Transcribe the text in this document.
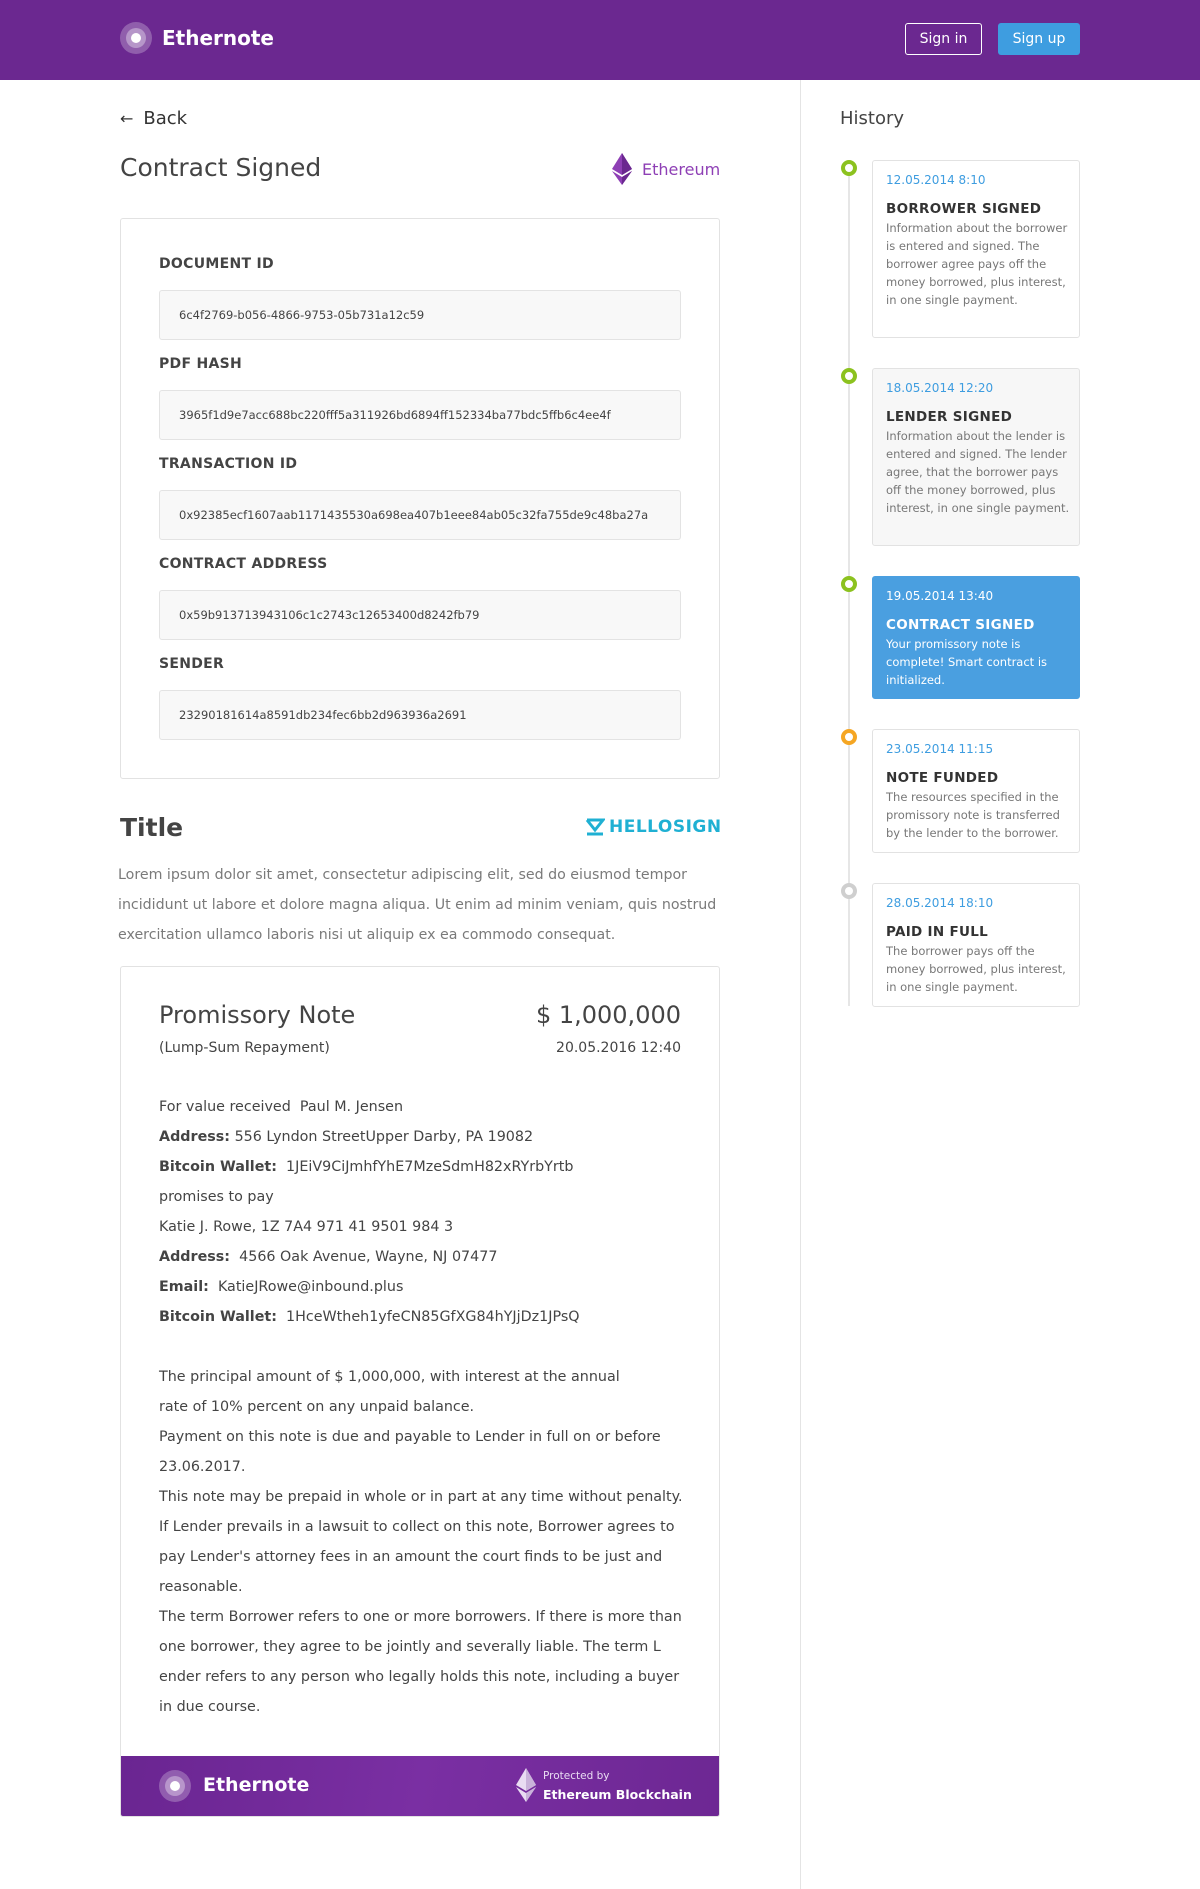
Ethernote	Sign in	Sign up
← Back
Contract Signed	Ethereum
DOCUMENT ID
6c4f2769-b056-4866-9753-05b731a12c59
PDF HASH
3965f1d9e7acc688bc220fff5a311926bd6894ff152334ba77bdc5ffb6c4ee4f
TRANSACTION ID
0x92385ecf1607aab1171435530a698ea407b1eee84ab05c32fa755de9c48ba27a
CONTRACT ADDRESS
0x59b913713943106c1c2743c12653400d8242fb79
SENDER
23290181614a8591db234fec6bb2d963936a2691
Title	HELLOSIGN

Lorem ipsum dolor sit amet, consectetur adipiscing elit, sed do eiusmod tempor incididunt ut labore et dolore magna aliqua. Ut enim ad minim veniam, quis nostrud exercitation ullamco laboris nisi ut aliquip ex ea commodo consequat.

Promissory Note	$ 1,000,000
(Lump-Sum Repayment)	20.05.2016 12:40
For value received Paul M. Jensen
Address: 556 Lyndon StreetUpper Darby, PA 19082
Bitcoin Wallet: 1JEiV9CiJmhfYhE7MzeSdmH82xRYrbYrtb
promises to pay
Katie J. Rowe, 1Z 7A4 971 41 9501 984 3
Address: 4566 Oak Avenue, Wayne, NJ 07477
Email: KatieJRowe@inbound.plus
Bitcoin Wallet: 1HceWtheh1yfeCN85GfXG84hYJjDz1JPsQ
The principal amount of $ 1,000,000, with interest at the annual
rate of 10% percent on any unpaid balance.
Payment on this note is due and payable to Lender in full on or before
23.06.2017.
This note may be prepaid in whole or in part at any time without penalty.
If Lender prevails in a lawsuit to collect on this note, Borrower agrees to
pay Lender's attorney fees in an amount the court finds to be just and
reasonable.
The term Borrower refers to one or more borrowers. If there is more than
one borrower, they agree to be jointly and severally liable. The term L
ender refers to any person who legally holds this note, including a buyer
in due course.
Ethernote	Protected by
Ethereum Blockchain
History
12.05.2014 8:10
BORROWER SIGNED

Information about the borrower is entered and signed. The borrower agree pays off the money borrowed, plus interest, in one single payment.

18.05.2014 12:20
LENDER SIGNED

Information about the lender is entered and signed. The lender agree, that the borrower pays off the money borrowed, plus interest, in one single payment.

19.05.2014 13:40
CONTRACT SIGNED

Your promissory note is complete! Smart contract is initialized.

23.05.2014 11:15
NOTE FUNDED

The resources specified in the promissory note is transferred by the lender to the borrower.

28.05.2014 18:10
PAID IN FULL

The borrower pays off the money borrowed, plus interest, in one single payment.
